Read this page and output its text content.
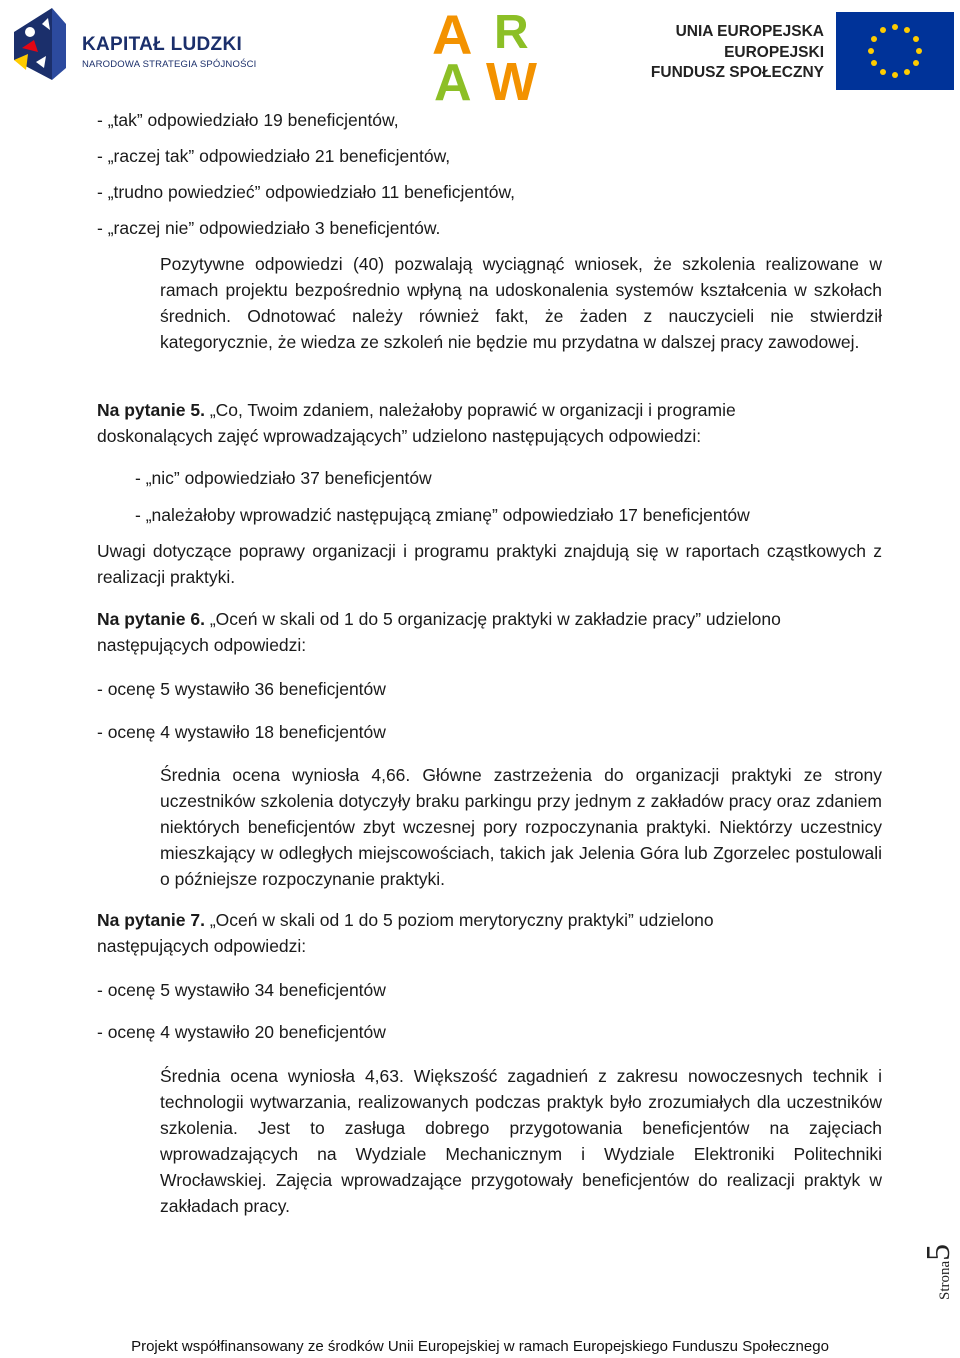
KAPITAŁ LUDZKI
NARODOWA STRATEGIA SPÓJNOŚCI	A R
A W
UNIA EUROPEJSKA
EUROPEJSKI
FUNDUSZ SPOŁECZNY
- „tak” odpowiedziało 19 beneficjentów,
- „raczej tak” odpowiedziało 21 beneficjentów,
- „trudno powiedzieć” odpowiedziało 11 beneficjentów,
- „raczej nie” odpowiedziało 3 beneficjentów.
Pozytywne odpowiedzi (40) pozwalają wyciągnąć wniosek, że szkolenia realizowane w ramach projektu bezpośrednio wpłyną na udoskonalenia systemów kształcenia w szkołach średnich. Odnotować należy również fakt, że żaden z nauczycieli nie stwierdził kategorycznie, że wiedza ze szkoleń nie będzie mu przydatna w dalszej pracy zawodowej.
Na pytanie 5. „Co, Twoim zdaniem, należałoby poprawić w organizacji i programie doskonalących zajęć wprowadzających” udzielono następujących odpowiedzi:
- „nic” odpowiedziało 37 beneficjentów
- „należałoby wprowadzić następującą zmianę” odpowiedziało 17 beneficjentów
Uwagi dotyczące poprawy organizacji i programu praktyki znajdują się w raportach cząstkowych z realizacji praktyki.
Na pytanie 6. „Oceń w skali od 1 do 5 organizację praktyki w zakładzie pracy” udzielono następujących odpowiedzi:
- ocenę 5 wystawiło 36 beneficjentów
- ocenę 4 wystawiło 18 beneficjentów
Średnia ocena wyniosła 4,66. Główne zastrzeżenia do organizacji praktyki ze strony uczestników szkolenia dotyczyły braku parkingu przy jednym z zakładów pracy oraz zdaniem niektórych beneficjentów zbyt wczesnej pory rozpoczynania praktyki. Niektórzy uczestnicy mieszkający w odległych miejscowościach, takich jak Jelenia Góra lub Zgorzelec postulowali o późniejsze rozpoczynanie praktyki.
Na pytanie 7. „Oceń w skali od 1 do 5 poziom merytoryczny praktyki” udzielono następujących odpowiedzi:
- ocenę 5 wystawiło 34 beneficjentów
- ocenę 4 wystawiło 20 beneficjentów
Średnia ocena wyniosła 4,63. Większość zagadnień z zakresu nowoczesnych technik i technologii wytwarzania, realizowanych podczas praktyk było zrozumiałych dla uczestników szkolenia. Jest to zasługa dobrego przygotowania beneficjentów na zajęciach wprowadzających na Wydziale Mechanicznym i Wydziale Elektroniki Politechniki Wrocławskiej. Zajęcia wprowadzające przygotowały beneficjentów do realizacji praktyk w zakładach pracy.
Strona5
Projekt współfinansowany ze środków Unii Europejskiej w ramach Europejskiego Funduszu Społecznego
